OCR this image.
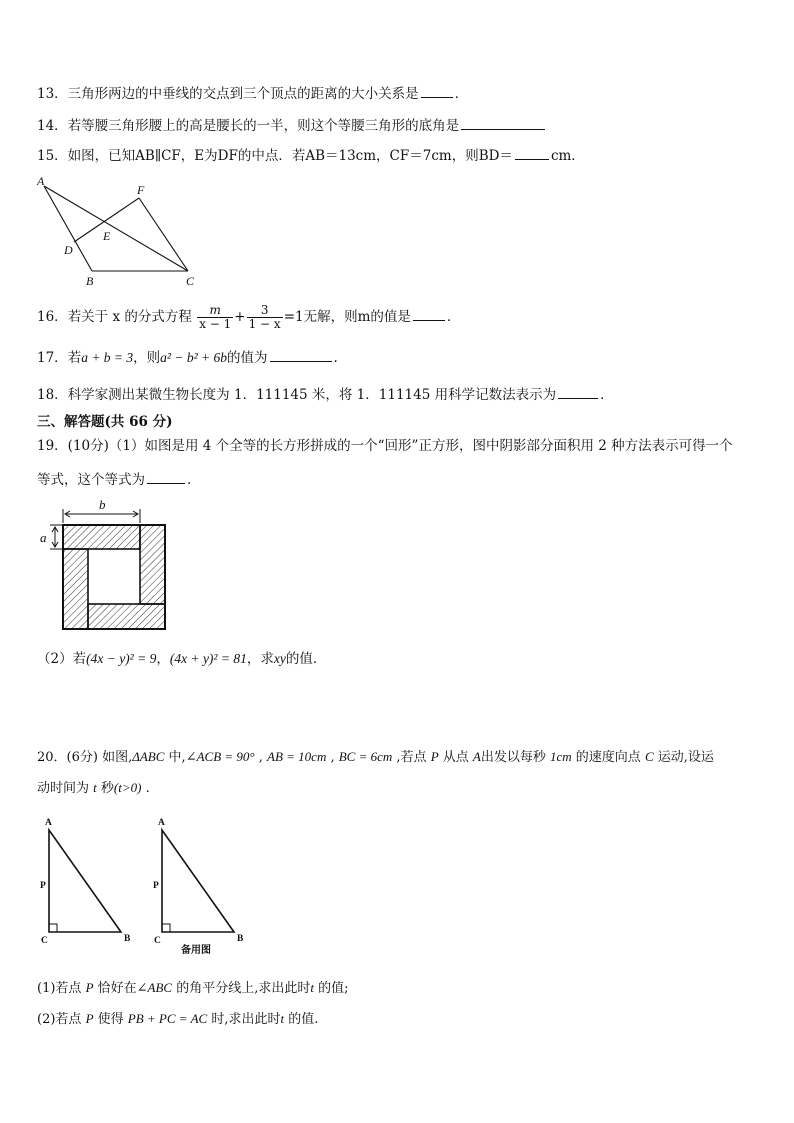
13．三角形两边的中垂线的交点到三个顶点的距离的大小关系是	．
14．若等腰三角形腰上的高是腰长的一半，则这个等腰三角形的底角是
15．如图，已知AB∥CF，E为DF的中点．若AB＝13cm，CF＝7cm，则BD＝	cm．
A
F
E
D
B	C
16．若关于 x 的分式方程 $\frac{m}{x - 1} + \frac{3}{1 - x} =1$无解，则m的值是	．
17．若a + b = 3，则a² − b² + 6b的值为	.
18．科学家测出某微生物长度为 1．111145 米，将 1．111145 用科学记数法表示为	．
三、解答题(共 66 分)
19．(10分)（1）如图是用 4 个全等的长方形拼成的一个“回形”正方形，图中阴影部分面积用 2 种方法表示可得一个
等式，这个等式为	．
b
a
（2）若(4x − y)² = 9，(4x + y)² = 81，求xy的值．
20．(6分) 如图,ΔABC 中,∠ACB = 90° , AB = 10cm , BC = 6cm ,若点 P 从点 A出发以每秒 1cm 的速度向点 C 运动,设运
动时间为 t 秒(t>0) .
A
P
C	B
A
P
C	B
备用图
(1)若点 P 恰好在∠ABC 的角平分线上,求出此时t 的值;
(2)若点 P 使得 PB + PC = AC 时,求出此时t 的值.
